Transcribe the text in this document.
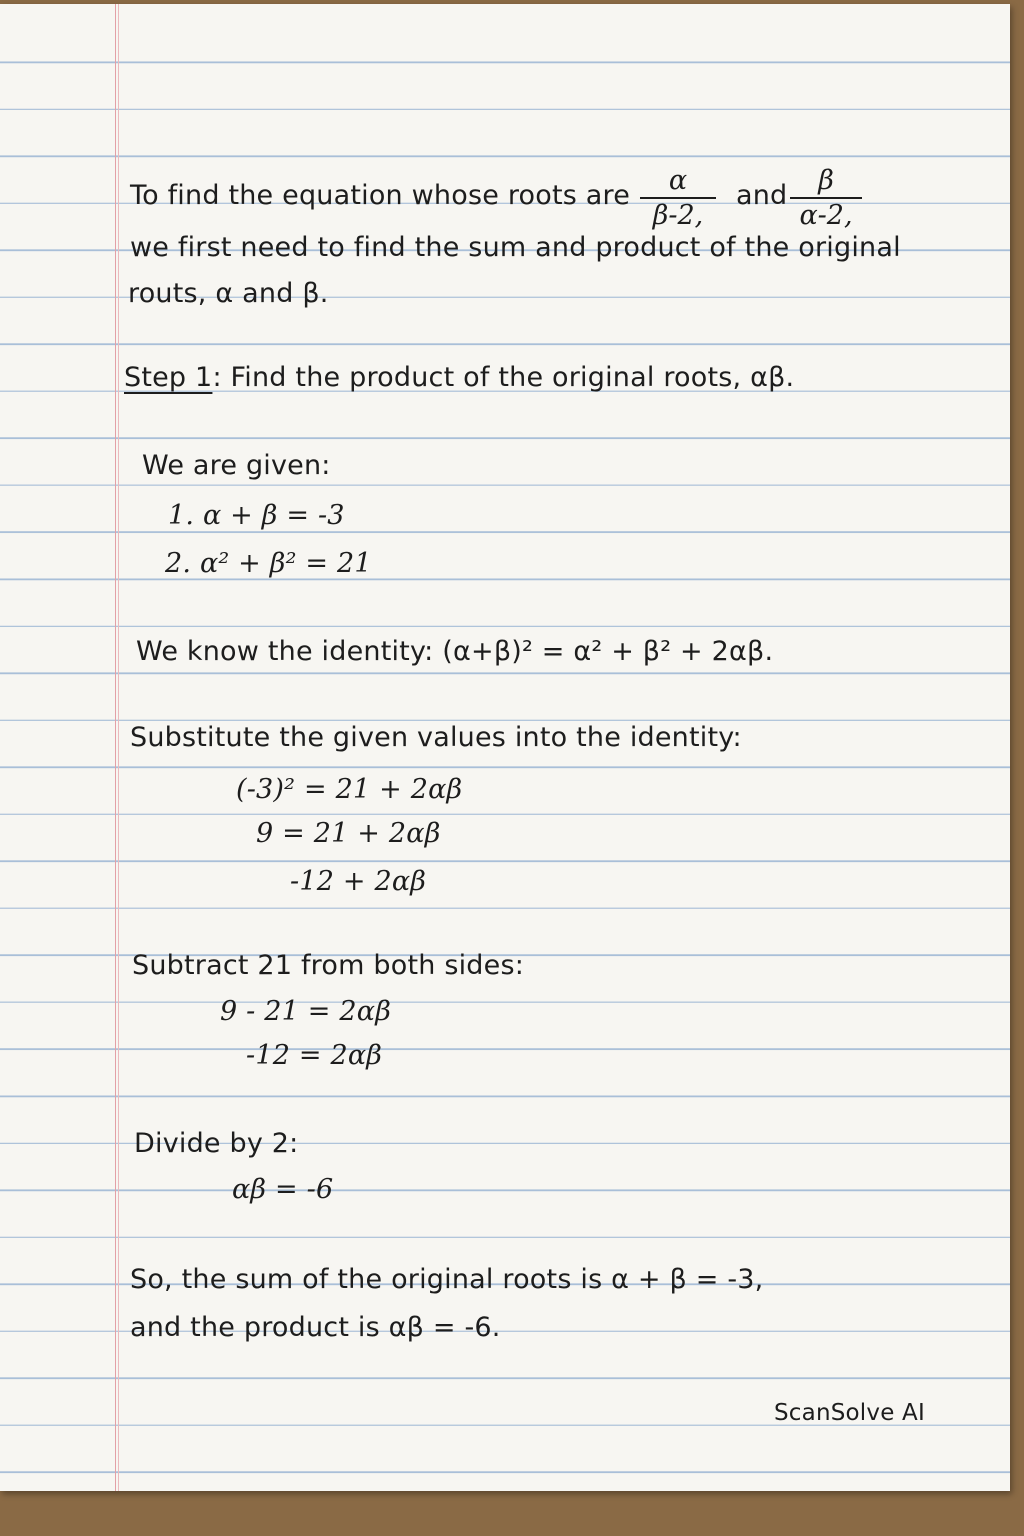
To find the equation whose roots are	α
β-2,
and	β
α-2,
we first need to find the sum and product of the original
routs, α and β.
Step 1: Find the product of the original roots, αβ.
We are given:
1. α + β = -3
2. α² + β² = 21
We know the identity: (α+β)² = α² + β² + 2αβ.
Substitute the given values into the identity:
(-3)² = 21 + 2αβ
9 = 21 + 2αβ
-12 + 2αβ
Subtract 21 from both sides:
9 - 21 = 2αβ
-12 = 2αβ
Divide by 2:
αβ = -6
So, the sum of the original roots is α + β = -3,
and the product is αβ = -6.
ScanSolve AI
